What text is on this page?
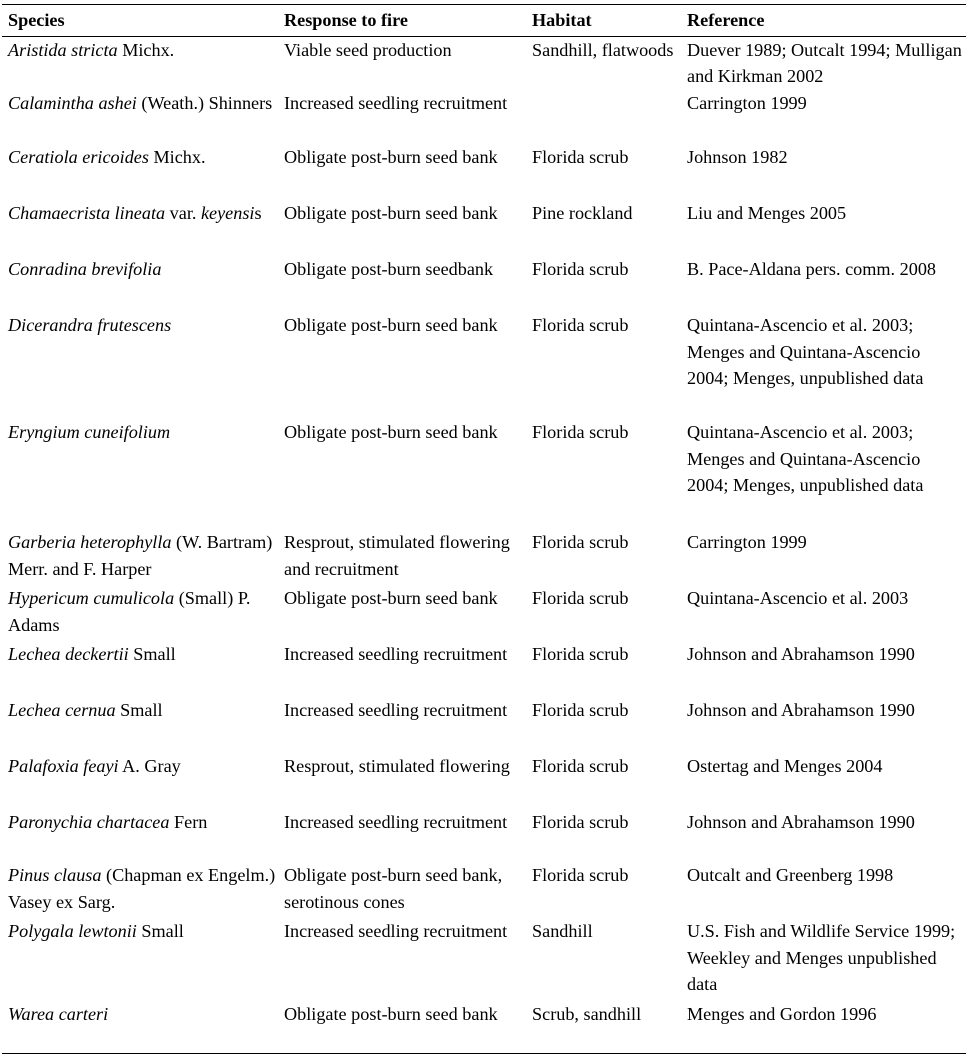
Species	Response to fire	Habitat	Reference
Aristida stricta Michx.	Viable seed production	Sandhill, flatwoods	Duever 1989; Outcalt 1994; Mulligan and Kirkman 2002
Calamintha ashei (Weath.) Shinners	Increased seedling recruitment		Carrington 1999
Ceratiola ericoides Michx.	Obligate post-burn seed bank	Florida scrub	Johnson 1982
Chamaecrista lineata var. keyensis	Obligate post-burn seed bank	Pine rockland	Liu and Menges 2005
Conradina brevifolia	Obligate post-burn seedbank	Florida scrub	B. Pace-Aldana pers. comm. 2008
Dicerandra frutescens	Obligate post-burn seed bank	Florida scrub	Quintana-Ascencio et al. 2003; Menges and Quintana-Ascencio 2004; Menges, unpublished data
Eryngium cuneifolium	Obligate post-burn seed bank	Florida scrub	Quintana-Ascencio et al. 2003; Menges and Quintana-Ascencio 2004; Menges, unpublished data
Garberia heterophylla (W. Bartram) Merr. and F. Harper	Resprout, stimulated flowering and recruitment	Florida scrub	Carrington 1999
Hypericum cumulicola (Small) P. Adams	Obligate post-burn seed bank	Florida scrub	Quintana-Ascencio et al. 2003
Lechea deckertii Small	Increased seedling recruitment	Florida scrub	Johnson and Abrahamson 1990
Lechea cernua Small	Increased seedling recruitment	Florida scrub	Johnson and Abrahamson 1990
Palafoxia feayi A. Gray	Resprout, stimulated flowering	Florida scrub	Ostertag and Menges 2004
Paronychia chartacea Fern	Increased seedling recruitment	Florida scrub	Johnson and Abrahamson 1990
Pinus clausa (Chapman ex Engelm.) Vasey ex Sarg.	Obligate post-burn seed bank, serotinous cones	Florida scrub	Outcalt and Greenberg 1998
Polygala lewtonii Small	Increased seedling recruitment	Sandhill	U.S. Fish and Wildlife Service 1999; Weekley and Menges unpublished data
Warea carteri	Obligate post-burn seed bank	Scrub, sandhill	Menges and Gordon 1996
